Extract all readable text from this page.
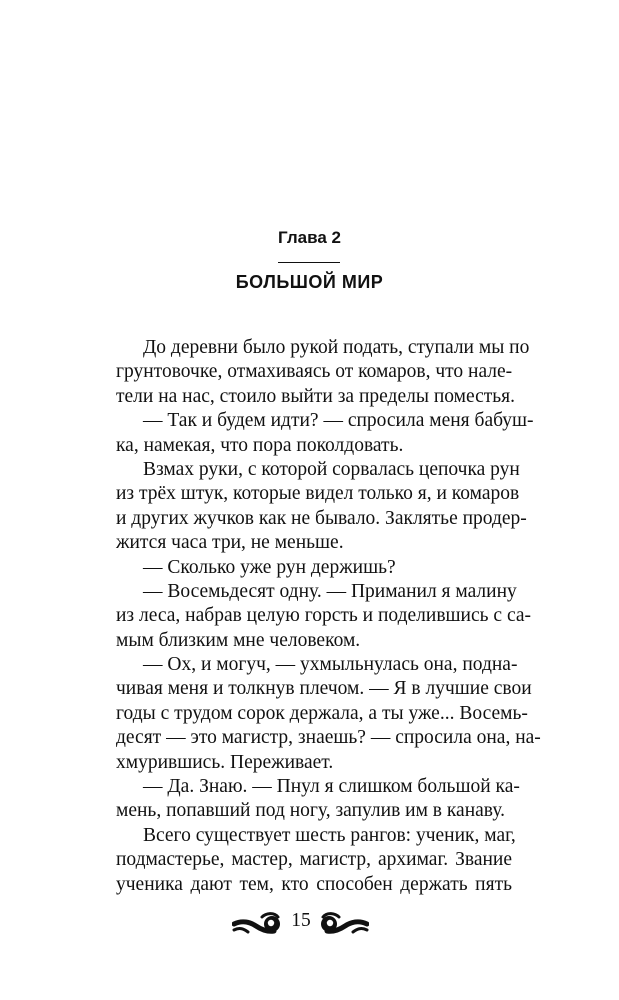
Глава 2
БОЛЬШОЙ МИР
До деревни было рукой подать, ступали мы по
грунтовочке, отмахиваясь от комаров, что нале-
тели на нас, стоило выйти за пределы поместья.
— Так и будем идти? — спросила меня бабуш-
ка, намекая, что пора поколдовать.
Взмах руки, с которой сорвалась цепочка рун
из трёх штук, которые видел только я, и комаров
и других жучков как не бывало. Заклятье продер-
жится часа три, не меньше.
— Сколько уже рун держишь?
— Восемьдесят одну. — Приманил я малину
из леса, набрав целую горсть и поделившись с са-
мым близким мне человеком.
— Ох, и могуч, — ухмыльнулась она, подна-
чивая меня и толкнув плечом. — Я в лучшие свои
годы с трудом сорок держала, а ты уже... Восемь-
десят — это магистр, знаешь? — спросила она, на-
хмурившись. Переживает.
— Да. Знаю. — Пнул я слишком большой ка-
мень, попавший под ногу, запулив им в канаву.
Всего существует шесть рангов: ученик, маг,
подмастерье, мастер, магистр, архимаг. Звание
ученика дают тем, кто способен держать пять
15
